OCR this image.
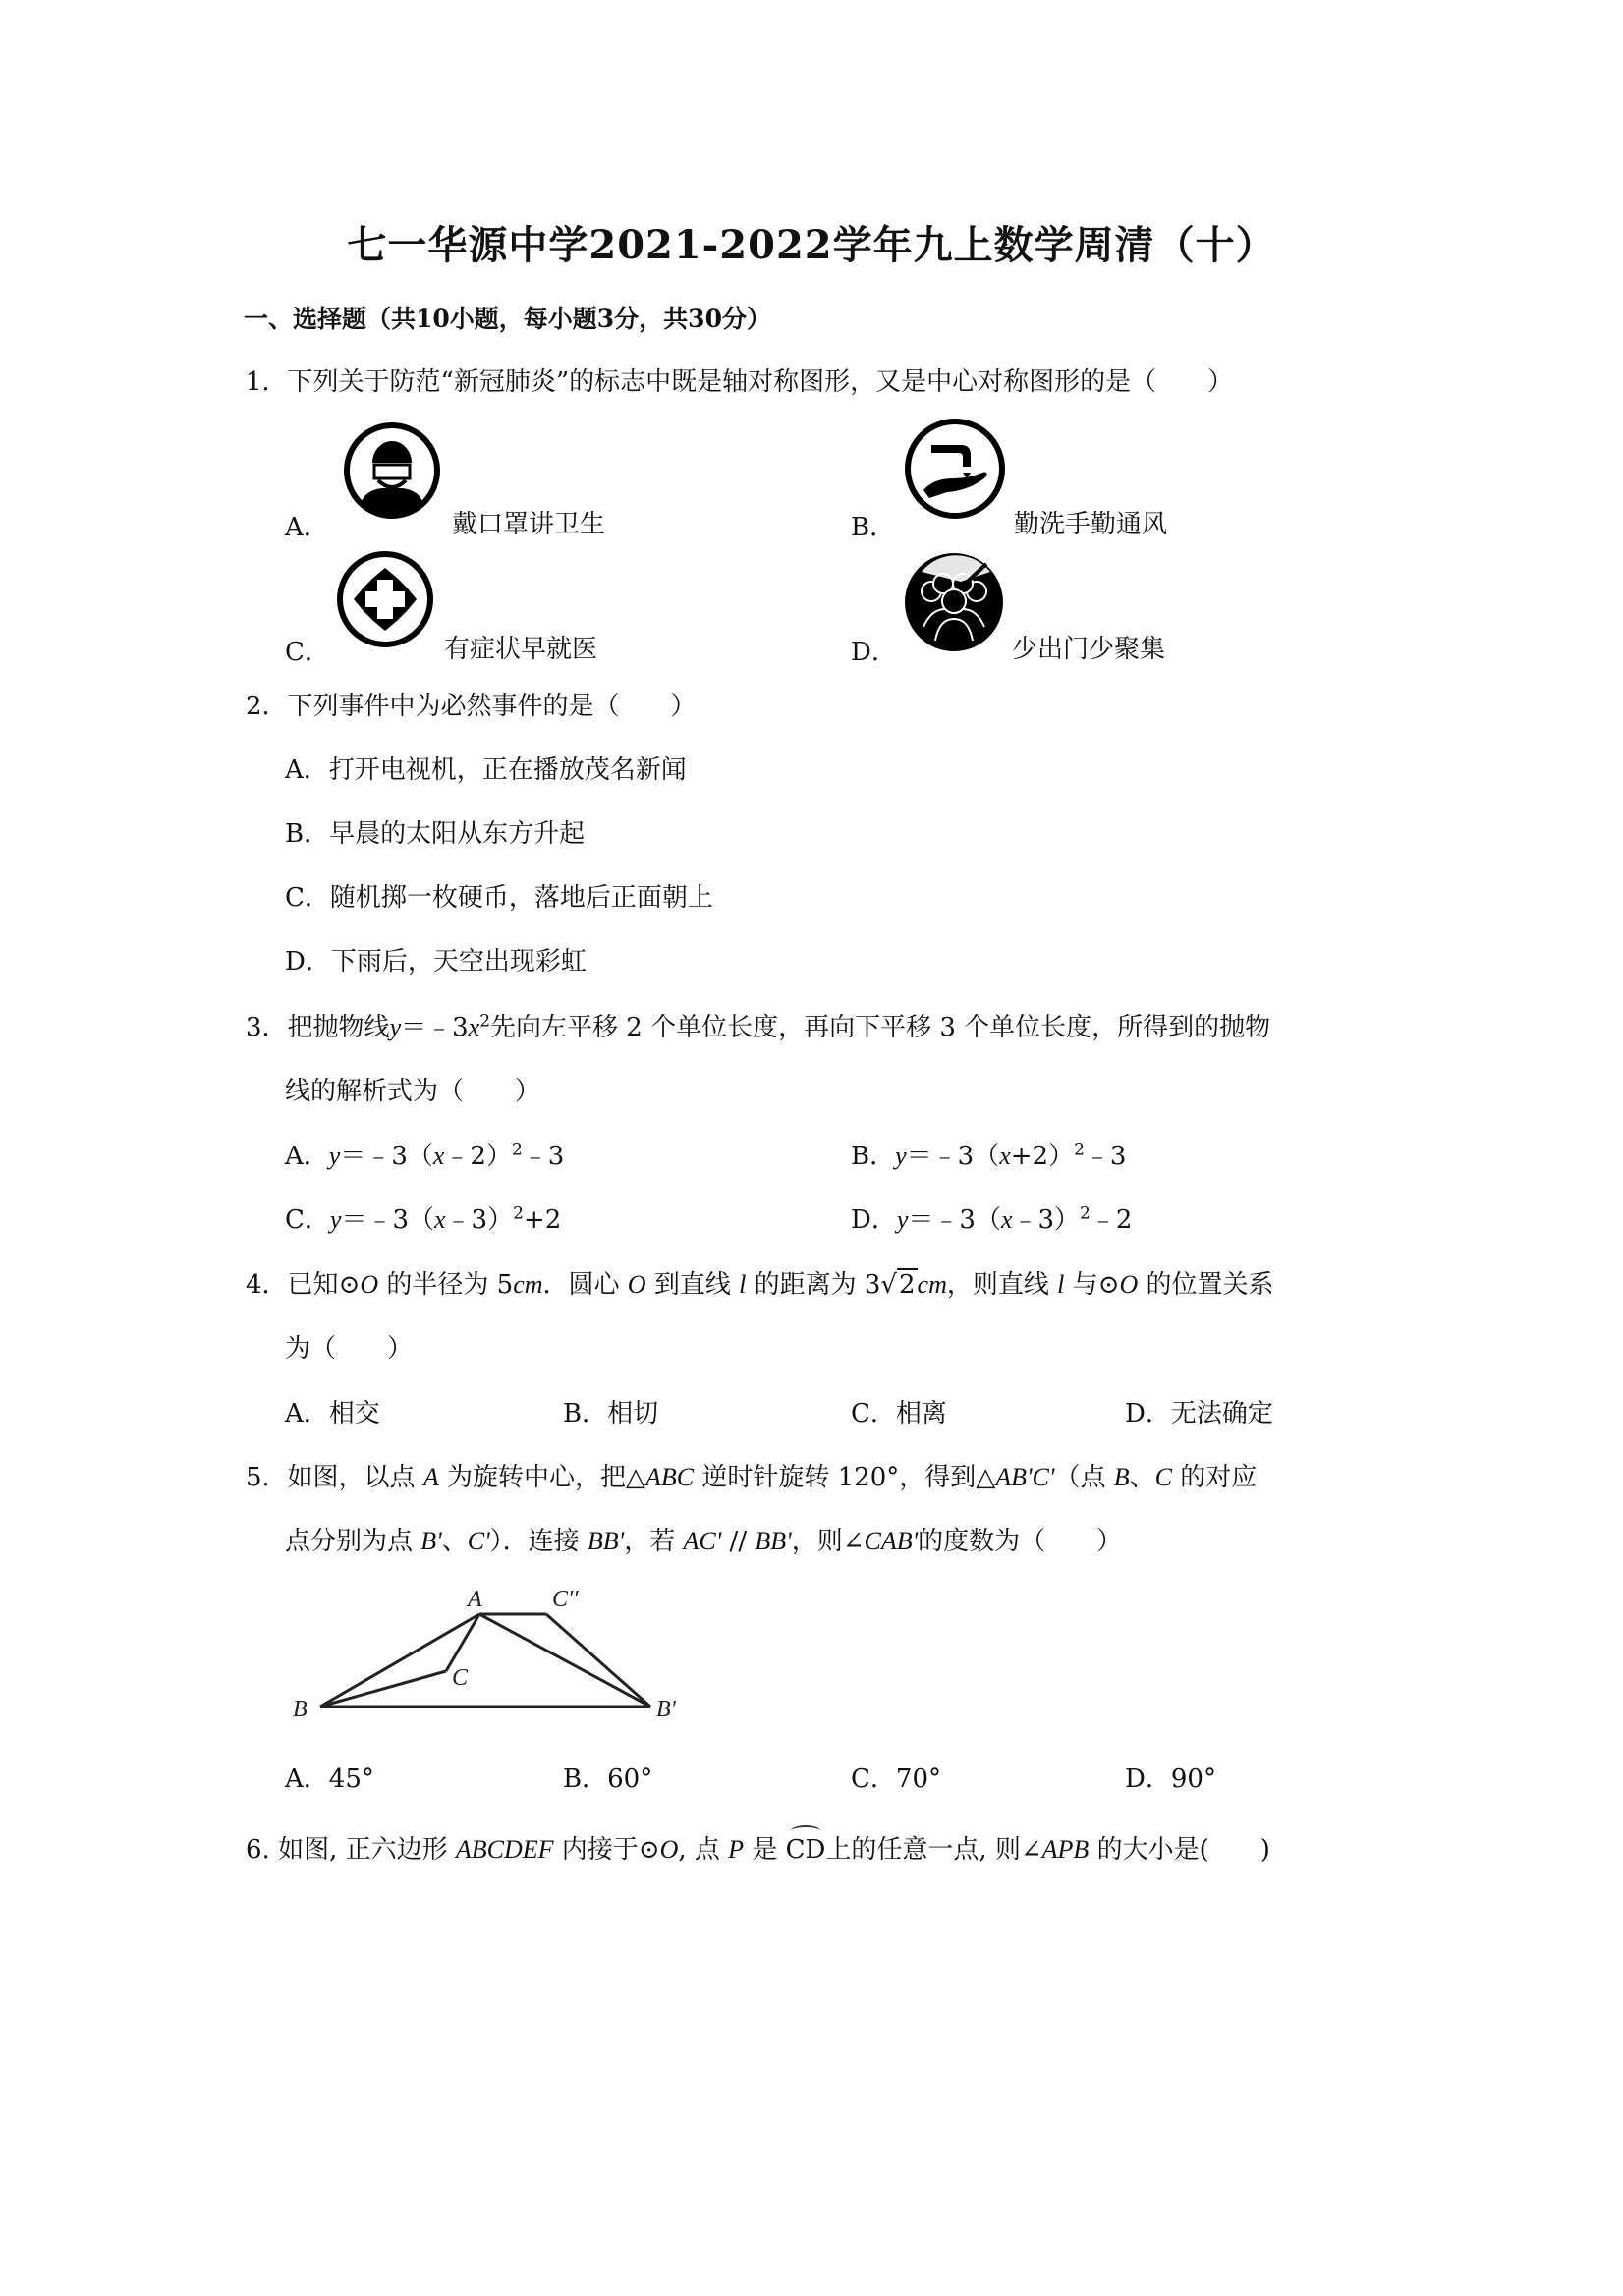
七一华源中学2021-2022学年九上数学周清（十）
一、选择题（共10小题，每小题3分，共30分）
1．下列关于防范“新冠肺炎”的标志中既是轴对称图形，又是中心对称图形的是（　　）
A．	戴口罩讲卫生	B．	勤洗手勤通风
C．	有症状早就医	D．	少出门少聚集
2．下列事件中为必然事件的是（　　）
A．打开电视机，正在播放茂名新闻
B．早晨的太阳从东方升起
C．随机掷一枚硬币，落地后正面朝上
D．下雨后，天空出现彩虹
3．把抛物线$y=﹣3x^2$先向左平移 2 个单位长度，再向下平移 3 个单位长度，所得到的抛物
线的解析式为（　　）
A．y＝﹣3（x﹣2）$^2$﹣3	B．$y=﹣3(x+2)^2﹣3$
C．y＝﹣3（x﹣3）$^2$+2	D．y＝﹣3（x﹣3）$^2$﹣2
4．已知⊙O 的半径为 5cm．圆心 O 到直线 l 的距离为 3√2cm，则直线 l 与⊙O 的位置关系
为（　　）
A．相交	B．相切	C．相离	D．无法确定
5．如图，以点 A 为旋转中心，把△ABC 逆时针旋转 120°，得到△AB'C'（点 B、C 的对应
点分别为点 B'、C'）．连接 BB'，若 AC' // BB'，则∠CAB'的度数为（　　）
A
B
C
B′
C′′
A．45°	B．60°	C．70°	D．90°
6. 如图, 正六边形 ABCDEF 内接于⊙O, 点 P 是 CD上的任意一点, 则∠APB 的大小是(　　)
